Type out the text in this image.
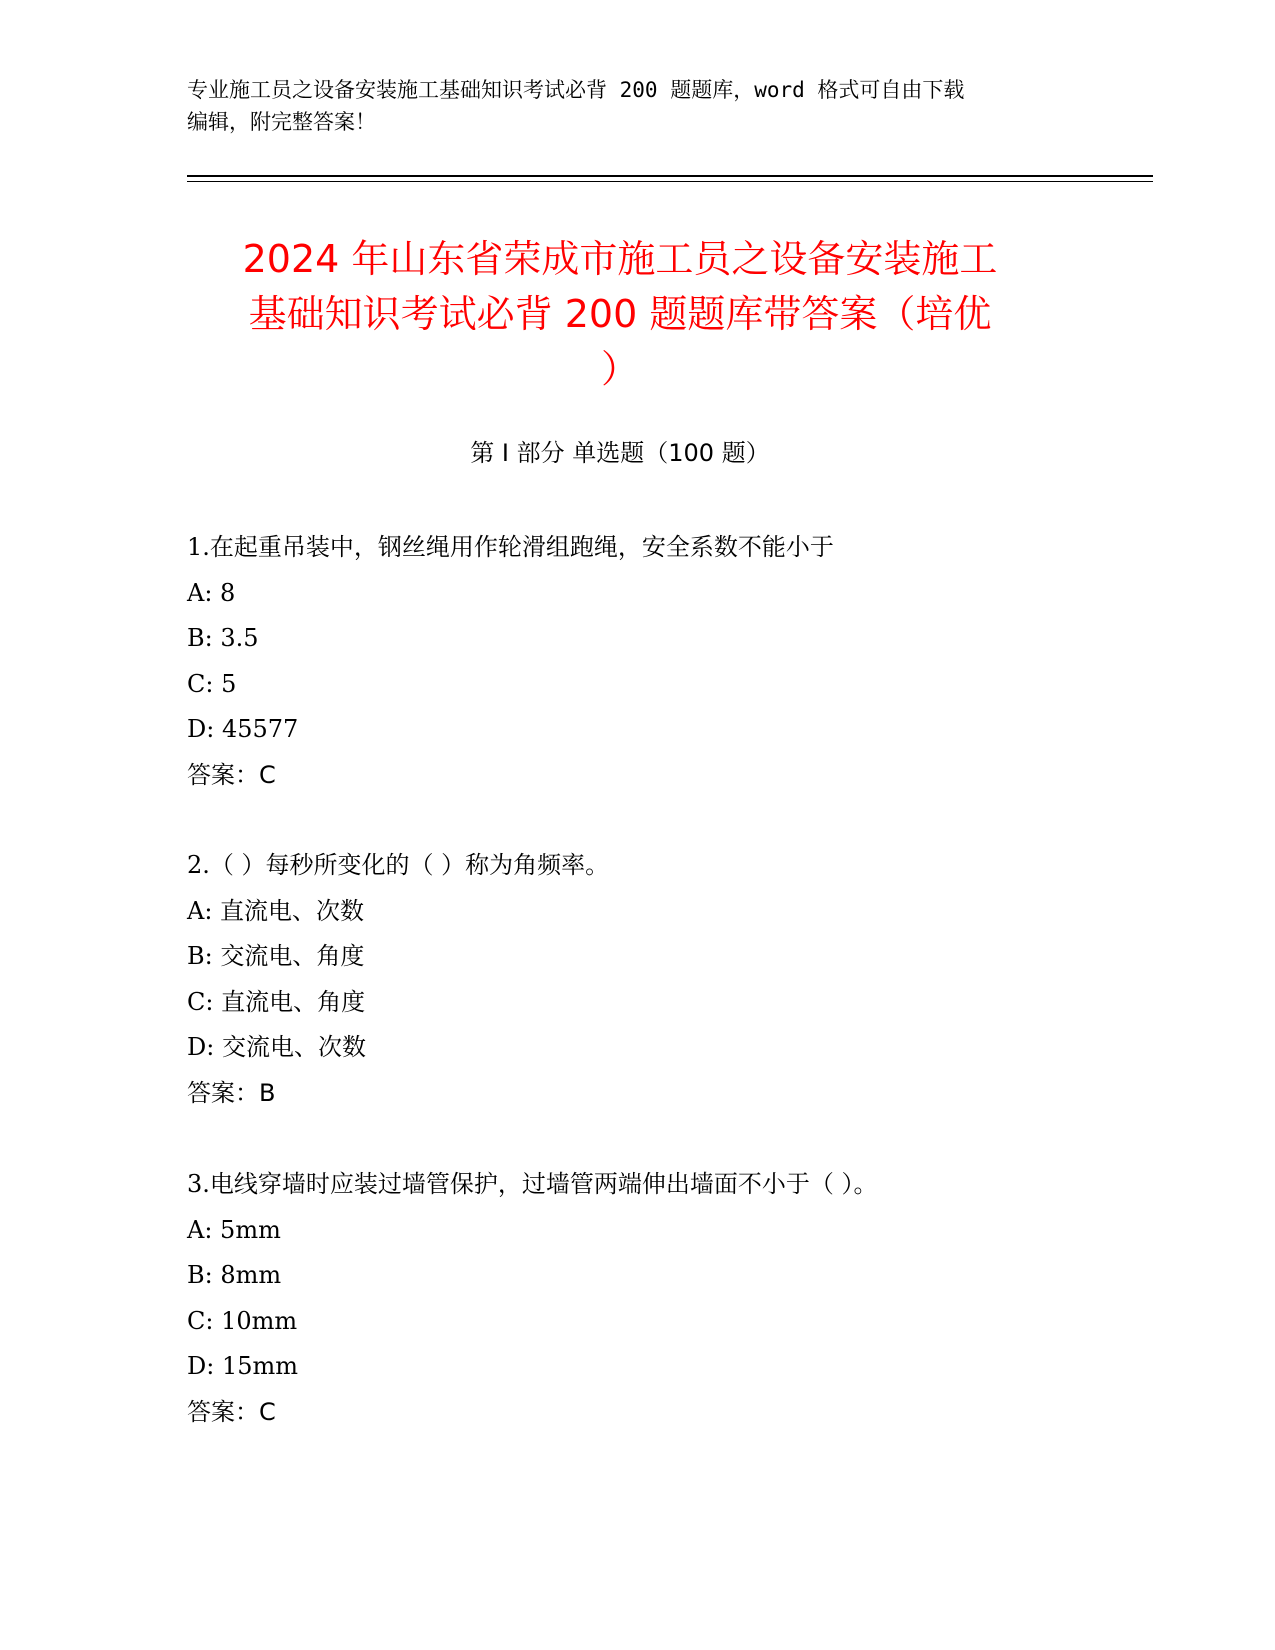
专业施工员之设备安装施工基础知识考试必背 200 题题库，word 格式可自由下载
编辑，附完整答案！
2024 年山东省荣成市施工员之设备安装施工
基础知识考试必背 200 题题库带答案（培优
）
第 I 部分 单选题（100 题）
1.在起重吊装中，钢丝绳用作轮滑组跑绳，安全系数不能小于
A: 8
B: 3.5
C: 5
D: 45577
答案：C
2.（ ）每秒所变化的（ ）称为角频率。
A: 直流电、次数
B: 交流电、角度
C: 直流电、角度
D: 交流电、次数
答案：B
3.电线穿墙时应装过墙管保护，过墙管两端伸出墙面不小于（ ）。
A: 5mm
B: 8mm
C: 10mm
D: 15mm
答案：C
